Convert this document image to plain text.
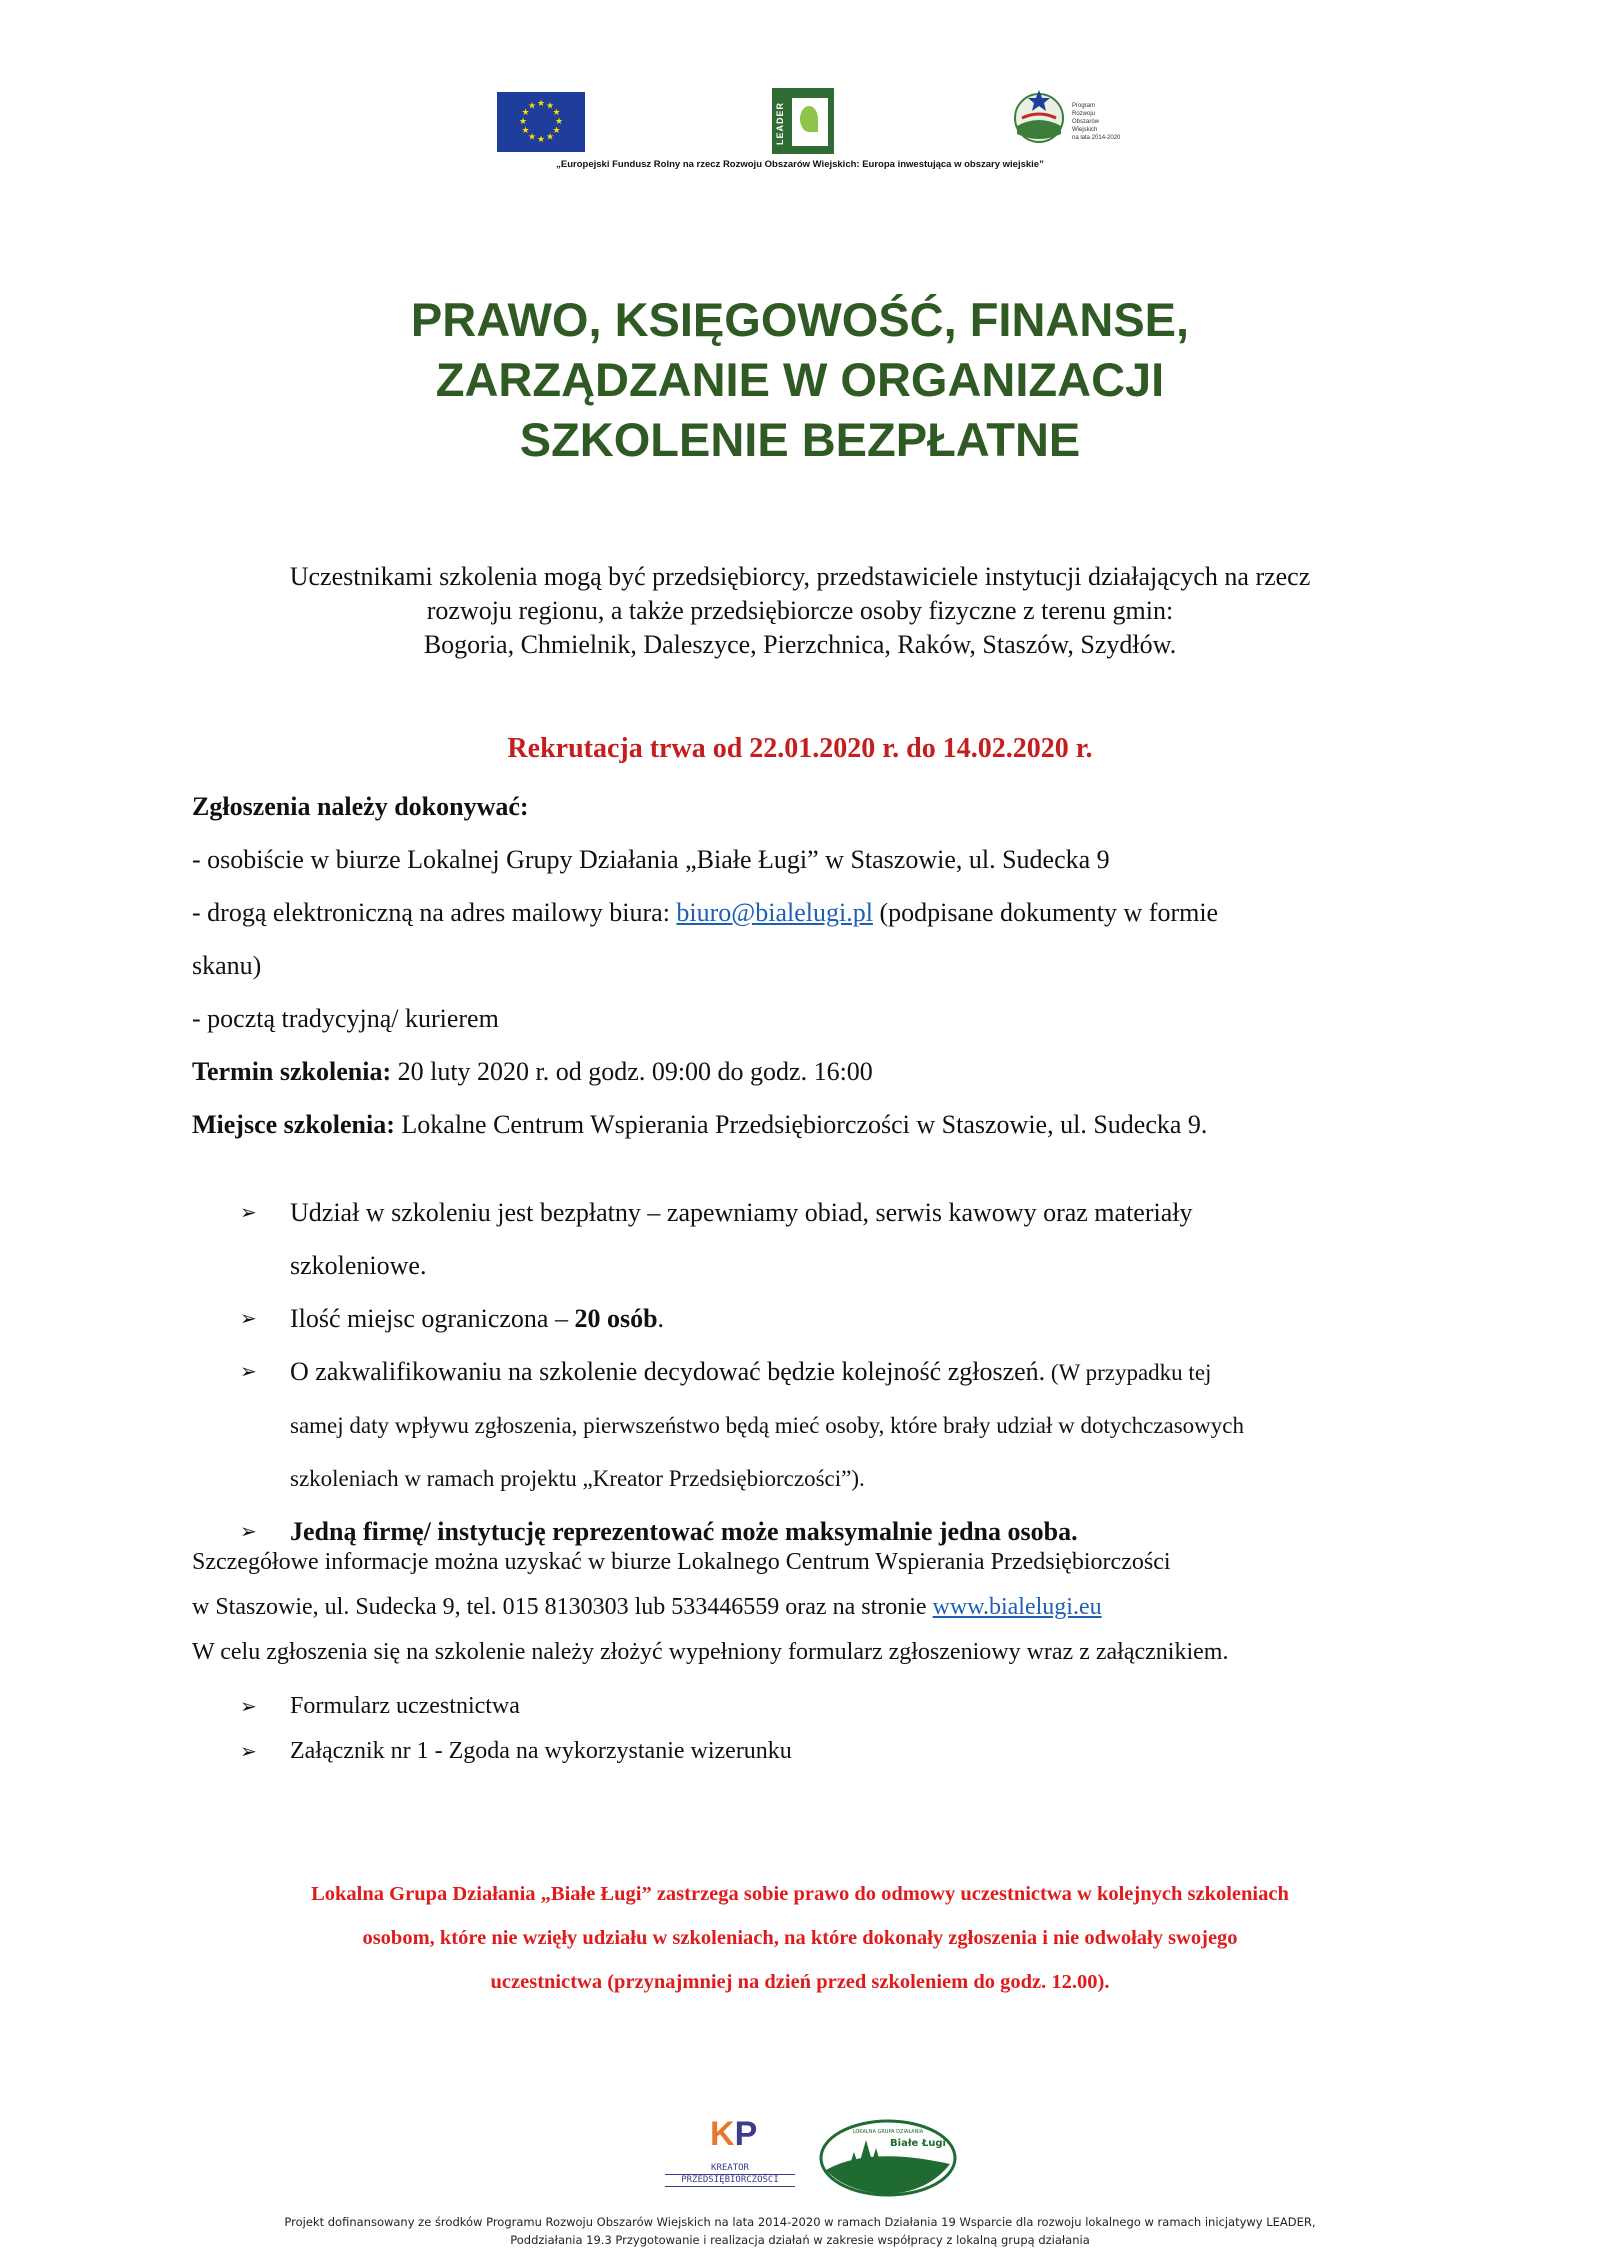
★ ★
★
★
★
★
★
★
★
★
★
★	LEADER	Program
Rozwoju
Obszarów
Wiejskich
na lata 2014-2020
„Europejski Fundusz Rolny na rzecz Rozwoju Obszarów Wiejskich: Europa inwestująca w obszary wiejskie”
PRAWO, KSIĘGOWOŚĆ, FINANSE,
ZARZĄDZANIE W ORGANIZACJI
SZKOLENIE BEZPŁATNE
Uczestnikami szkolenia mogą być przedsiębiorcy, przedstawiciele instytucji działających na rzecz
rozwoju regionu, a także przedsiębiorcze osoby fizyczne z terenu gmin:
Bogoria, Chmielnik, Daleszyce, Pierzchnica, Raków, Staszów, Szydłów.

Rekrutacja trwa od 22.01.2020 r. do 14.02.2020 r.

Zgłoszenia należy dokonywać:

- osobiście w biurze Lokalnej Grupy Działania „Białe Ługi” w Staszowie, ul. Sudecka 9

- drogą elektroniczną na adres mailowy biura: biuro@bialelugi.pl (podpisane dokumenty w formie

skanu)

- pocztą tradycyjną/ kurierem

Termin szkolenia: 20 luty 2020 r. od godz. 09:00 do godz. 16:00

Miejsce szkolenia: Lokalne Centrum Wspierania Przedsiębiorczości w Staszowie, ul. Sudecka 9.

➢ Udział w szkoleniu jest bezpłatny – zapewniamy obiad, serwis kawowy oraz materiały
szkoleniowe.
➢ Ilość miejsc ograniczona – 20 osób.
➢ O zakwalifikowaniu na szkolenie decydować będzie kolejność zgłoszeń. (W przypadku tej
samej daty wpływu zgłoszenia, pierwszeństwo będą mieć osoby, które brały udział w dotychczasowych
szkoleniach w ramach projektu „Kreator Przedsiębiorczości”).
➢ Jedną firmę/ instytucję reprezentować może maksymalnie jedna osoba.

Szczegółowe informacje można uzyskać w biurze Lokalnego Centrum Wspierania Przedsiębiorczości

w Staszowie, ul. Sudecka 9, tel. 015 8130303 lub 533446559 oraz na stronie www.bialelugi.eu

W celu zgłoszenia się na szkolenie należy złożyć wypełniony formularz zgłoszeniowy wraz z załącznikiem.

➢ Formularz uczestnictwa
➢ Załącznik nr 1 - Zgoda na wykorzystanie wizerunku
Lokalna Grupa Działania „Białe Ługi” zastrzega sobie prawo do odmowy uczestnictwa w kolejnych szkoleniach
osobom, które nie wzięły udziału w szkoleniach, na które dokonały zgłoszenia i nie odwołały swojego
uczestnictwa (przynajmniej na dzień przed szkoleniem do godz. 12.00).
KP
KREATOR
PRZEDSIĘBIORCZOŚCI
LOKALNA GRUPA DZIAŁANIA
Białe Ługi
Projekt dofinansowany ze środków Programu Rozwoju Obszarów Wiejskich na lata 2014-2020 w ramach Działania 19 Wsparcie dla rozwoju lokalnego w ramach inicjatywy LEADER,
Poddziałania 19.3 Przygotowanie i realizacja działań w zakresie współpracy z lokalną grupą działania
